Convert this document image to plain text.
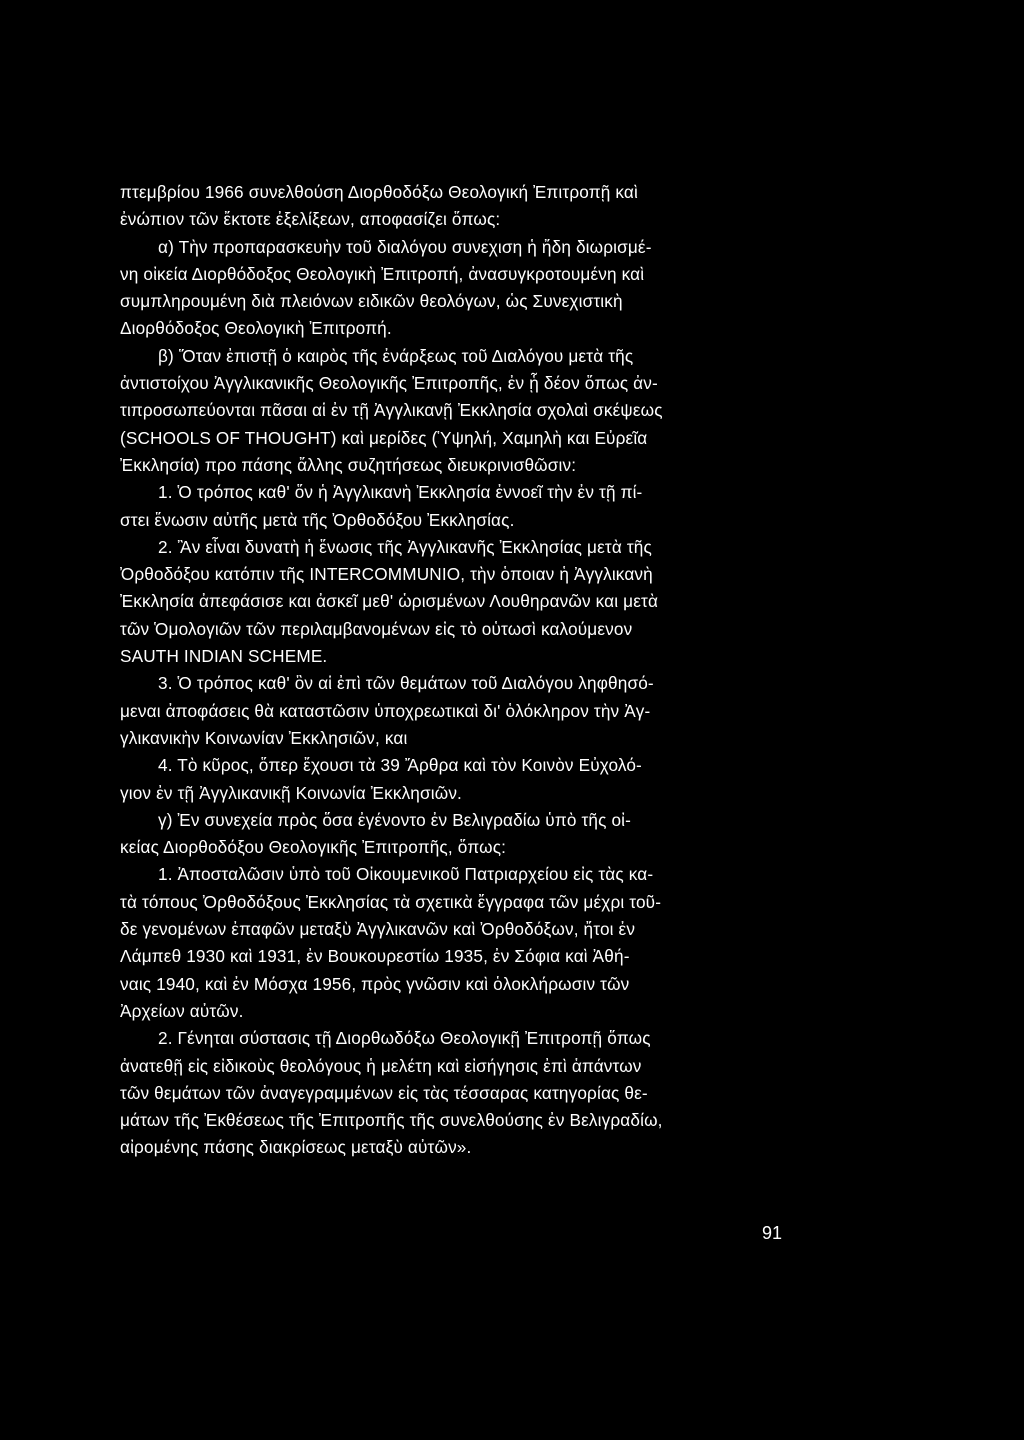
πτεμβρίου 1966 συνελθούση Διορθοδόξω Θεολογική Ἐπιτροπῇ καὶ
ἐνώπιον τῶν ἔκτοτε ἐξελίξεων, αποφασίζει ὅπως:
α) Τὴν προπαρασκευὴν τοῦ διαλόγου συνεχιση ἡ ἤδη διωρισμέ-
νη οἰκεία Διορθόδοξος Θεολογικὴ Ἐπιτροπή, ἀνασυγκροτουμένη καὶ
συμπληρουμένη διὰ πλειόνων ειδικῶν θεολόγων, ὡς Συνεχιστικὴ
Διορθόδοξος Θεολογικὴ Ἐπιτροπή.
β) Ὅταν ἐπιστῇ ὁ καιρὸς τῆς ἐνάρξεως τοῦ Διαλόγου μετὰ τῆς
ἀντιστοίχου Ἀγγλικανικῆς Θεολογικῆς Ἐπιτροπῆς, ἐν ᾗ δέον ὅπως ἀν-
τιπροσωπεύονται πᾶσαι αἱ ἐν τῇ Ἀγγλικανῇ Ἐκκλησία σχολαὶ σκέψεως
(SCHOOLS OF THOUGHT) καὶ μερίδες (Ὑψηλή, Χαμηλὴ και Εὐρεῖα
Ἐκκλησία) προ πάσης ἄλλης συζητήσεως διευκρινισθῶσιν:
1. Ὁ τρόπος καθ' ὅν ἡ Ἀγγλικανὴ Ἐκκλησία ἐννοεῖ τὴν ἐν τῇ πί-
στει ἕνωσιν αὐτῆς μετὰ τῆς Ὀρθοδόξου Ἐκκλησίας.
2. Ἂν εἶναι δυνατὴ ἡ ἕνωσις τῆς Ἀγγλικανῆς Ἐκκλησίας μετὰ τῆς
Ὀρθοδόξου κατόπιν τῆς INTERCOMMUNIO, τὴν ὁποιαν ἡ Ἀγγλικανὴ
Ἐκκλησία ἀπεφάσισε και ἀσκεῖ μεθ' ὡρισμένων Λουθηρανῶν και μετὰ
τῶν Ὁμολογιῶν τῶν περιλαμβανομένων εἰς τὸ οὑτωσὶ καλούμενον
SAUTH INDIAN SCHEME.
3. Ὁ τρόπος καθ' ὃν αἱ ἐπὶ τῶν θεμάτων τοῦ Διαλόγου ληφθησό-
μεναι ἀποφάσεις θὰ καταστῶσιν ὑποχρεωτικαὶ δι' ὁλόκληρον τὴν Ἀγ-
γλικανικὴν Κοινωνίαν Ἐκκλησιῶν, και
4. Τὸ κῦρος, ὅπερ ἔχουσι τὰ 39 Ἄρθρα καὶ τὸν Κοινὸν Εὐχολό-
γιον ἐν τῇ Ἀγγλικανικῇ Κοινωνία Ἐκκλησιῶν.
γ) Ἐν συνεχεία πρὸς ὅσα ἐγένοντο ἐν Βελιγραδίω ὑπὸ τῆς οἰ-
κείας Διορθοδόξου Θεολογικῆς Ἐπιτροπῆς, ὅπως:
1. Ἀποσταλῶσιν ὑπὸ τοῦ Οἰκουμενικοῦ Πατριαρχείου εἰς τὰς κα-
τὰ τόπους Ὀρθοδόξους Ἐκκλησίας τὰ σχετικὰ ἔγγραφα τῶν μέχρι τοῦ-
δε γενομένων ἐπαφῶν μεταξὺ Ἀγγλικανῶν καὶ Ὀρθοδόξων, ἤτοι ἐν
Λάμπεθ 1930 καὶ 1931, ἐν Βουκουρεστίω 1935, ἐν Σόφια καὶ Ἀθή-
ναις 1940, καὶ ἐν Μόσχα 1956, πρὸς γνῶσιν καὶ ὁλοκλήρωσιν τῶν
Ἀρχείων αὐτῶν.
2. Γένηται σύστασις τῇ Διορθωδόξω Θεολογικῇ Ἐπιτροπῇ ὅπως
ἀνατεθῇ εἰς εἰδικοὺς θεολόγους ἡ μελέτη καὶ εἰσήγησις ἐπὶ ἁπάντων
τῶν θεμάτων τῶν ἀναγεγραμμένων εἰς τὰς τέσσαρας κατηγορίας θε-
μάτων τῆς Ἐκθέσεως τῆς Ἐπιτροπῆς τῆς συνελθούσης ἐν Βελιγραδίω,
αἰρομένης πάσης διακρίσεως μεταξὺ αὐτῶν».
91
